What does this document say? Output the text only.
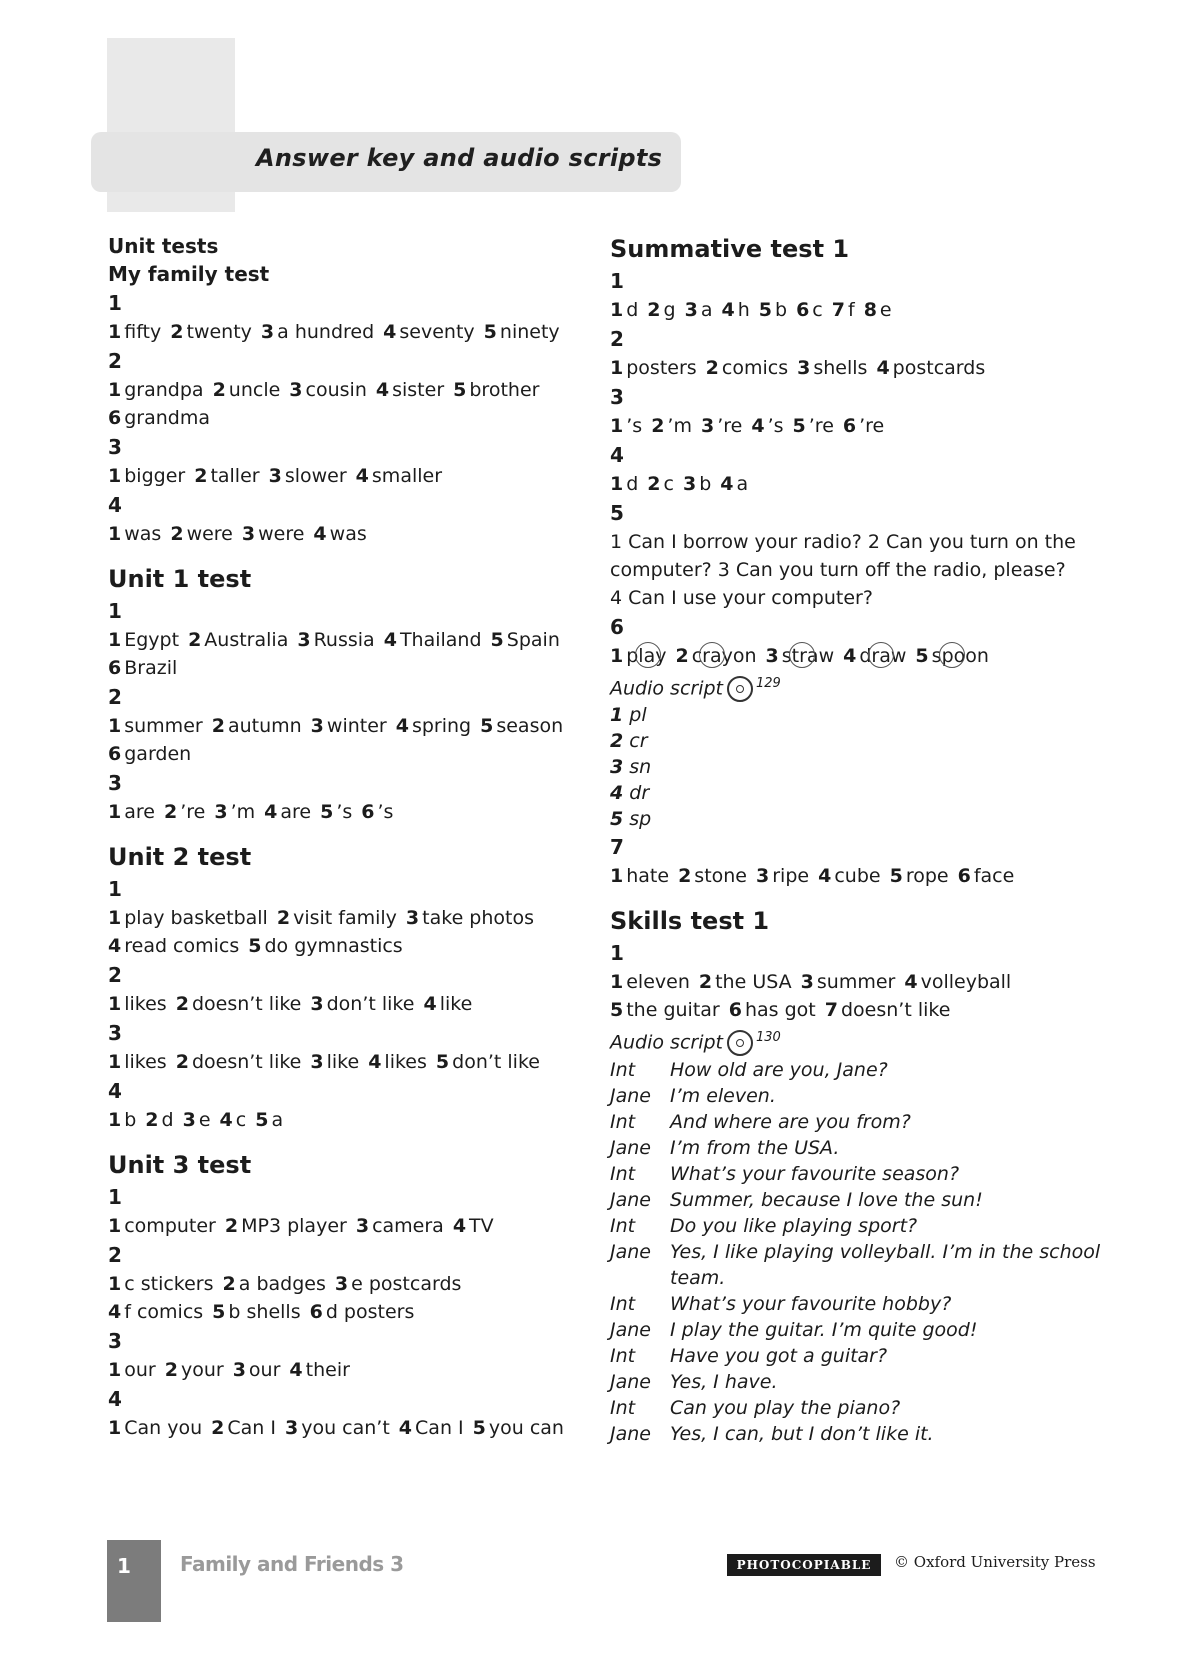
Answer key and audio scripts
Unit tests
My family test
1
1 fifty 2 twenty 3 a hundred 4 seventy 5 ninety
2
1 grandpa 2 uncle 3 cousin 4 sister 5 brother
6 grandma
3
1 bigger 2 taller 3 slower 4 smaller
4
1 was 2 were 3 were 4 was
Unit 1 test
1
1 Egypt 2 Australia 3 Russia 4 Thailand 5 Spain
6 Brazil
2
1 summer 2 autumn 3 winter 4 spring 5 season
6 garden
3
1 are 2 ’re 3 ’m 4 are 5 ’s 6 ’s
Unit 2 test
1
1 play basketball 2 visit family 3 take photos
4 read comics 5 do gymnastics
2
1 likes 2 doesn’t like 3 don’t like 4 like
3
1 likes 2 doesn’t like 3 like 4 likes 5 don’t like
4
1 b 2 d 3 e 4 c 5 a
Unit 3 test
1
1 computer 2 MP3 player 3 camera 4 TV
2
1 c stickers 2 a badges 3 e postcards
4 f comics 5 b shells 6 d posters
3
1 our 2 your 3 our 4 their
4
1 Can you 2 Can I 3 you can’t 4 Can I 5 you can
Summative test 1
1
1 d 2 g 3 a 4 h 5 b 6 c 7 f 8 e
2
1 posters 2 comics 3 shells 4 postcards
3
1 ’s 2 ’m 3 ’re 4 ’s 5 ’re 6 ’re
4
1 d 2 c 3 b 4 a
5
1 Can I borrow your radio? 2 Can you turn on the
computer? 3 Can you turn off the radio, please?
4 Can I use your computer?
6
1 play 2 crayon 3 straw 4 draw 5 spoon
Audio script	$^{129}$
1 pl
2 cr
3 sn
4 dr
5 sp
7
1 hate 2 stone 3 ripe 4 cube 5 rope 6 face
Skills test 1
1
1 eleven 2 the USA 3 summer 4 volleyball
5 the guitar 6 has got 7 doesn’t like
Audio script	$^{130}$
Int	How old are you, Jane?
Jane	I’m eleven.
Int	And where are you from?
Jane	I’m from the USA.
Int	What’s your favourite season?
Jane	Summer, because I love the sun!
Int	Do you like playing sport?
Jane	Yes, I like playing volleyball. I’m in the school team.
Int	What’s your favourite hobby?
Jane	I play the guitar. I’m quite good!
Int	Have you got a guitar?
Jane	Yes, I have.
Int	Can you play the piano?
Jane	Yes, I can, but I don’t like it.
1 Family and Friends 3	PHOTOCOPIABLE	© Oxford University Press
